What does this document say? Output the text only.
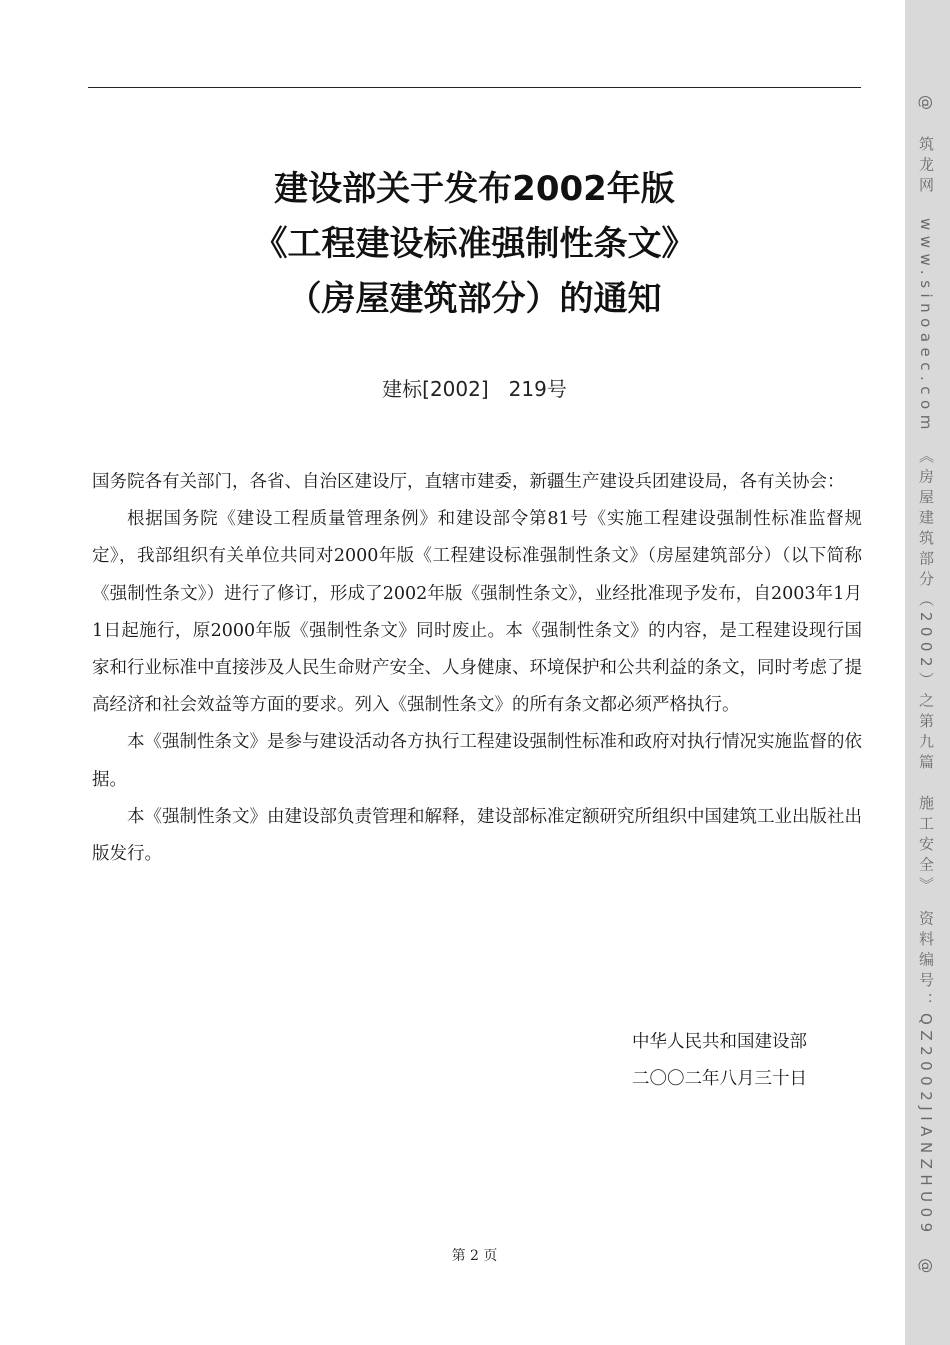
建设部关于发布2002年版
《工程建设标准强制性条文》
（房屋建筑部分）的通知
建标[2002]　219号

国务院各有关部门，各省、自治区建设厅，直辖市建委，新疆生产建设兵团建设局，各有关协会：

根据国务院《建设工程质量管理条例》和建设部令第81号《实施工程建设强制性标准监督规定》，我部组织有关单位共同对2000年版《工程建设标准强制性条文》（房屋建筑部分）（以下简称《强制性条文》）进行了修订，形成了2002年版《强制性条文》，业经批准现予发布，自2003年1月1日起施行，原2000年版《强制性条文》同时废止。本《强制性条文》的内容，是工程建设现行国家和行业标准中直接涉及人民生命财产安全、人身健康、环境保护和公共利益的条文，同时考虑了提高经济和社会效益等方面的要求。列入《强制性条文》的所有条文都必须严格执行。

本《强制性条文》是参与建设活动各方执行工程建设强制性标准和政府对执行情况实施监督的依据。

本《强制性条文》由建设部负责管理和解释，建设部标准定额研究所组织中国建筑工业出版社出版发行。

中华人民共和国建设部
二〇〇二年八月三十日
第 2 页	@　筑龙网　www.sinoaec.com　《房屋建筑部分（2002）之第九篇　施工安全》　资料编号：QZ2002JIANZHU09　@
